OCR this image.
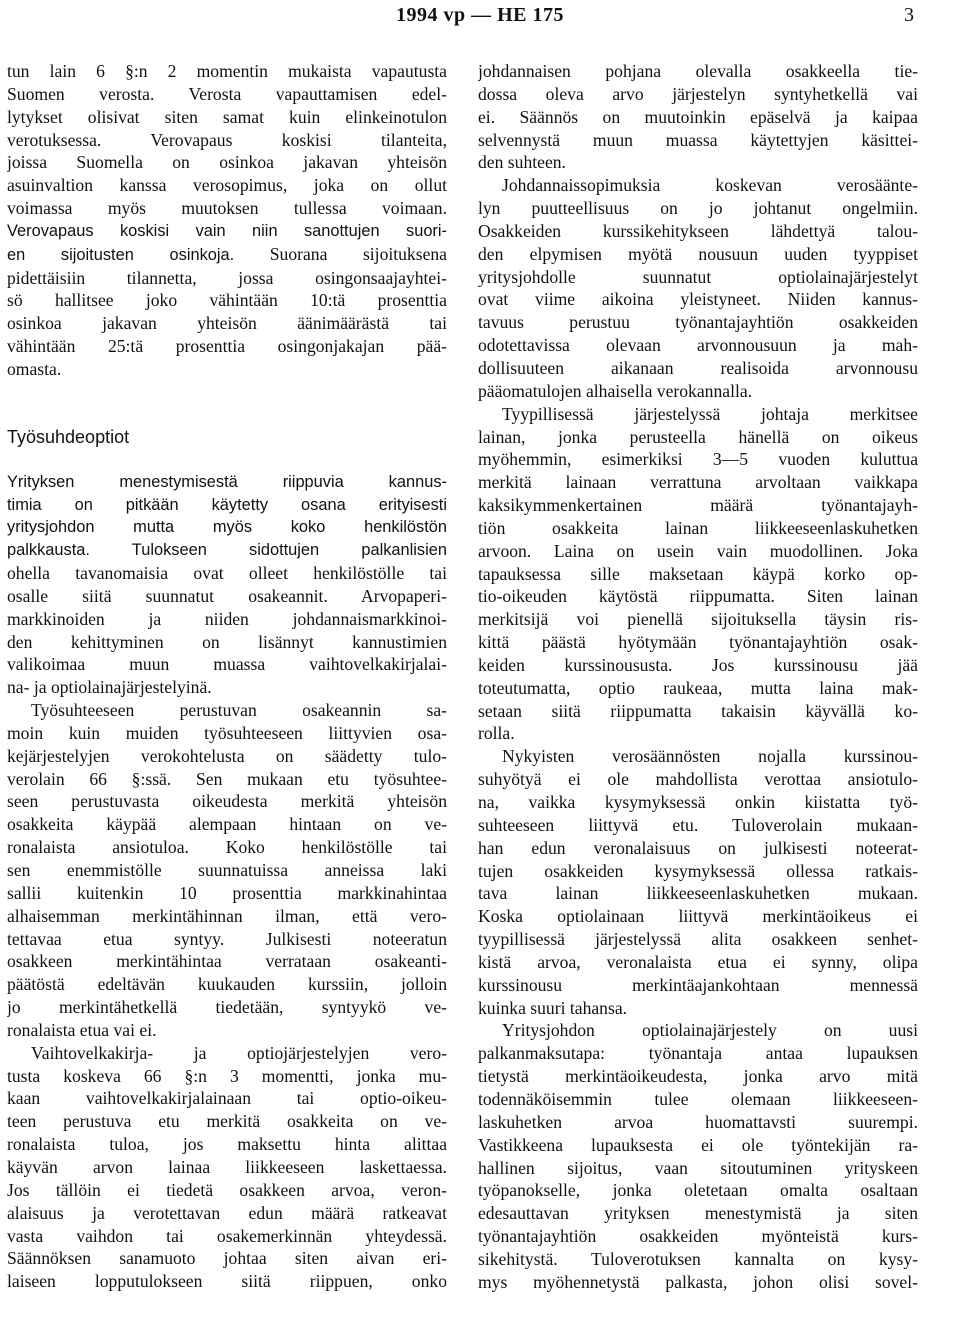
1994 vp — HE 175	3

tun lain 6 §:n 2 momentin mukaista vapautusta
Suomen verosta. Verosta vapauttamisen edel-
lytykset olisivat siten samat kuin elinkeinotulon
verotuksessa. Verovapaus koskisi tilanteita,
joissa Suomella on osinkoa jakavan yhteisön
asuinvaltion kanssa verosopimus, joka on ollut
voimassa myös muutoksen tullessa voimaan.
Verovapaus koskisi vain niin sanottujen suori-
en sijoitusten osinkoja. Suorana sijoituksena
pidettäisiin tilannetta, jossa osingonsaajayhtei-
sö hallitsee joko vähintään 10:tä prosenttia
osinkoa jakavan yhteisön äänimäärästä tai
vähintään 25:tä prosenttia osingonjakajan pää-
omasta.

Työsuhdeoptiot

Yrityksen menestymisestä riippuvia kannus-
timia on pitkään käytetty osana erityisesti
yritysjohdon mutta myös koko henkilöstön
palkkausta. Tulokseen sidottujen palkanlisien
ohella tavanomaisia ovat olleet henkilöstölle tai
osalle siitä suunnatut osakeannit. Arvopaperi-
markkinoiden ja niiden johdannaismarkkinoi-
den kehittyminen on lisännyt kannustimien
valikoimaa muun muassa vaihtovelkakirjalai-
na- ja optiolainajärjestelyinä.

Työsuhteeseen perustuvan osakeannin sa-
moin kuin muiden työsuhteeseen liittyvien osa-
kejärjestelyjen verokohtelusta on säädetty tulo-
verolain 66 §:ssä. Sen mukaan etu työsuhtee-
seen perustuvasta oikeudesta merkitä yhteisön
osakkeita käypää alempaan hintaan on ve-
ronalaista ansiotuloa. Koko henkilöstölle tai
sen enemmistölle suunnatuissa anneissa laki
sallii kuitenkin 10 prosenttia markkinahintaa
alhaisemman merkintähinnan ilman, että vero-
tettavaa etua syntyy. Julkisesti noteeratun
osakkeen merkintähintaa verrataan osakeanti-
päätöstä edeltävän kuukauden kurssiin, jolloin
jo merkintähetkellä tiedetään, syntyykö ve-
ronalaista etua vai ei.

Vaihtovelkakirja- ja optiojärjestelyjen vero-
tusta koskeva 66 §:n 3 momentti, jonka mu-
kaan vaihtovelkakirjalainaan tai optio-oikeu-
teen perustuva etu merkitä osakkeita on ve-
ronalaista tuloa, jos maksettu hinta alittaa
käyvän arvon lainaa liikkeeseen laskettaessa.
Jos tällöin ei tiedetä osakkeen arvoa, veron-
alaisuus ja verotettavan edun määrä ratkeavat
vasta vaihdon tai osakemerkinnän yhteydessä.
Säännöksen sanamuoto johtaa siten aivan eri-
laiseen lopputulokseen siitä riippuen, onko

johdannaisen pohjana olevalla osakkeella tie-
dossa oleva arvo järjestelyn syntyhetkellä vai
ei. Säännös on muutoinkin epäselvä ja kaipaa
selvennystä muun muassa käytettyjen käsittei-
den suhteen.

Johdannaissopimuksia koskevan verosääntе-
lyn puutteellisuus on jo johtanut ongelmiin.
Osakkeiden kurssikehitykseen lähdettyä talou-
den elpymisen myötä nousuun uuden tyyppiset
yritysjohdolle suunnatut optiolainajärjestelyt
ovat viime aikoina yleistyneet. Niiden kannus-
tavuus perustuu työnantajayhtiön osakkeiden
odotettavissa olevaan arvonnousuun ja mah-
dollisuuteen aikanaan realisoida arvonnousu
pääomatulojen alhaisella verokannalla.

Tyypillisessä järjestelyssä johtaja merkitsee
lainan, jonka perusteella hänellä on oikeus
myöhemmin, esimerkiksi 3—5 vuoden kuluttua
merkitä lainaan verrattuna arvoltaan vaikkapa
kaksikymmenkertainen määrä työnantajayh-
tiön osakkeita lainan liikkeeseenlaskuhetken
arvoon. Laina on usein vain muodollinen. Joka
tapauksessa sille maksetaan käypä korko op-
tio-oikeuden käytöstä riippumatta. Siten lainan
merkitsijä voi pienellä sijoituksella täysin ris-
kittä päästä hyötymään työnantajayhtiön osak-
keiden kurssinoususta. Jos kurssinousu jää
toteutumatta, optio raukeaa, mutta laina mak-
setaan siitä riippumatta takaisin käyvällä ko-
rolla.

Nykyisten verosäännösten nojalla kurssinou-
suhyötyä ei ole mahdollista verottaa ansiotulo-
na, vaikka kysymyksessä onkin kiistatta työ-
suhteeseen liittyvä etu. Tuloverolain mukaan-
han edun veronalaisuus on julkisesti noteerat-
tujen osakkeiden kysymyksessä ollessa ratkais-
tava lainan liikkeeseenlaskuhetken mukaan.
Koska optiolainaan liittyvä merkintäoikeus ei
tyypillisessä järjestelyssä alita osakkeen senhet-
kistä arvoa, veronalaista etua ei synny, olipa
kurssinousu merkintäajankohtaan mennessä
kuinka suuri tahansa.

Yritysjohdon optiolainajärjestely on uusi
palkanmaksutapa: työnantaja antaa lupauksen
tietystä merkintäoikeudesta, jonka arvo mitä
todennäköisemmin tulee olemaan liikkeeseen-
laskuhetken arvoa huomattavsti suurempi.
Vastikkeena lupauksesta ei ole työntekijän ra-
hallinen sijoitus, vaan sitoutuminen yrityskeen
työpanokselle, jonka oletetaan omalta osaltaan
edesauttavan yrityksen menestymistä ja siten
työnantajayhtiön osakkeiden myönteistä kurs-
sikehitystä. Tuloverotuksen kannalta on kysy-
mys myöhennetystä palkasta, johon olisi sovel-
